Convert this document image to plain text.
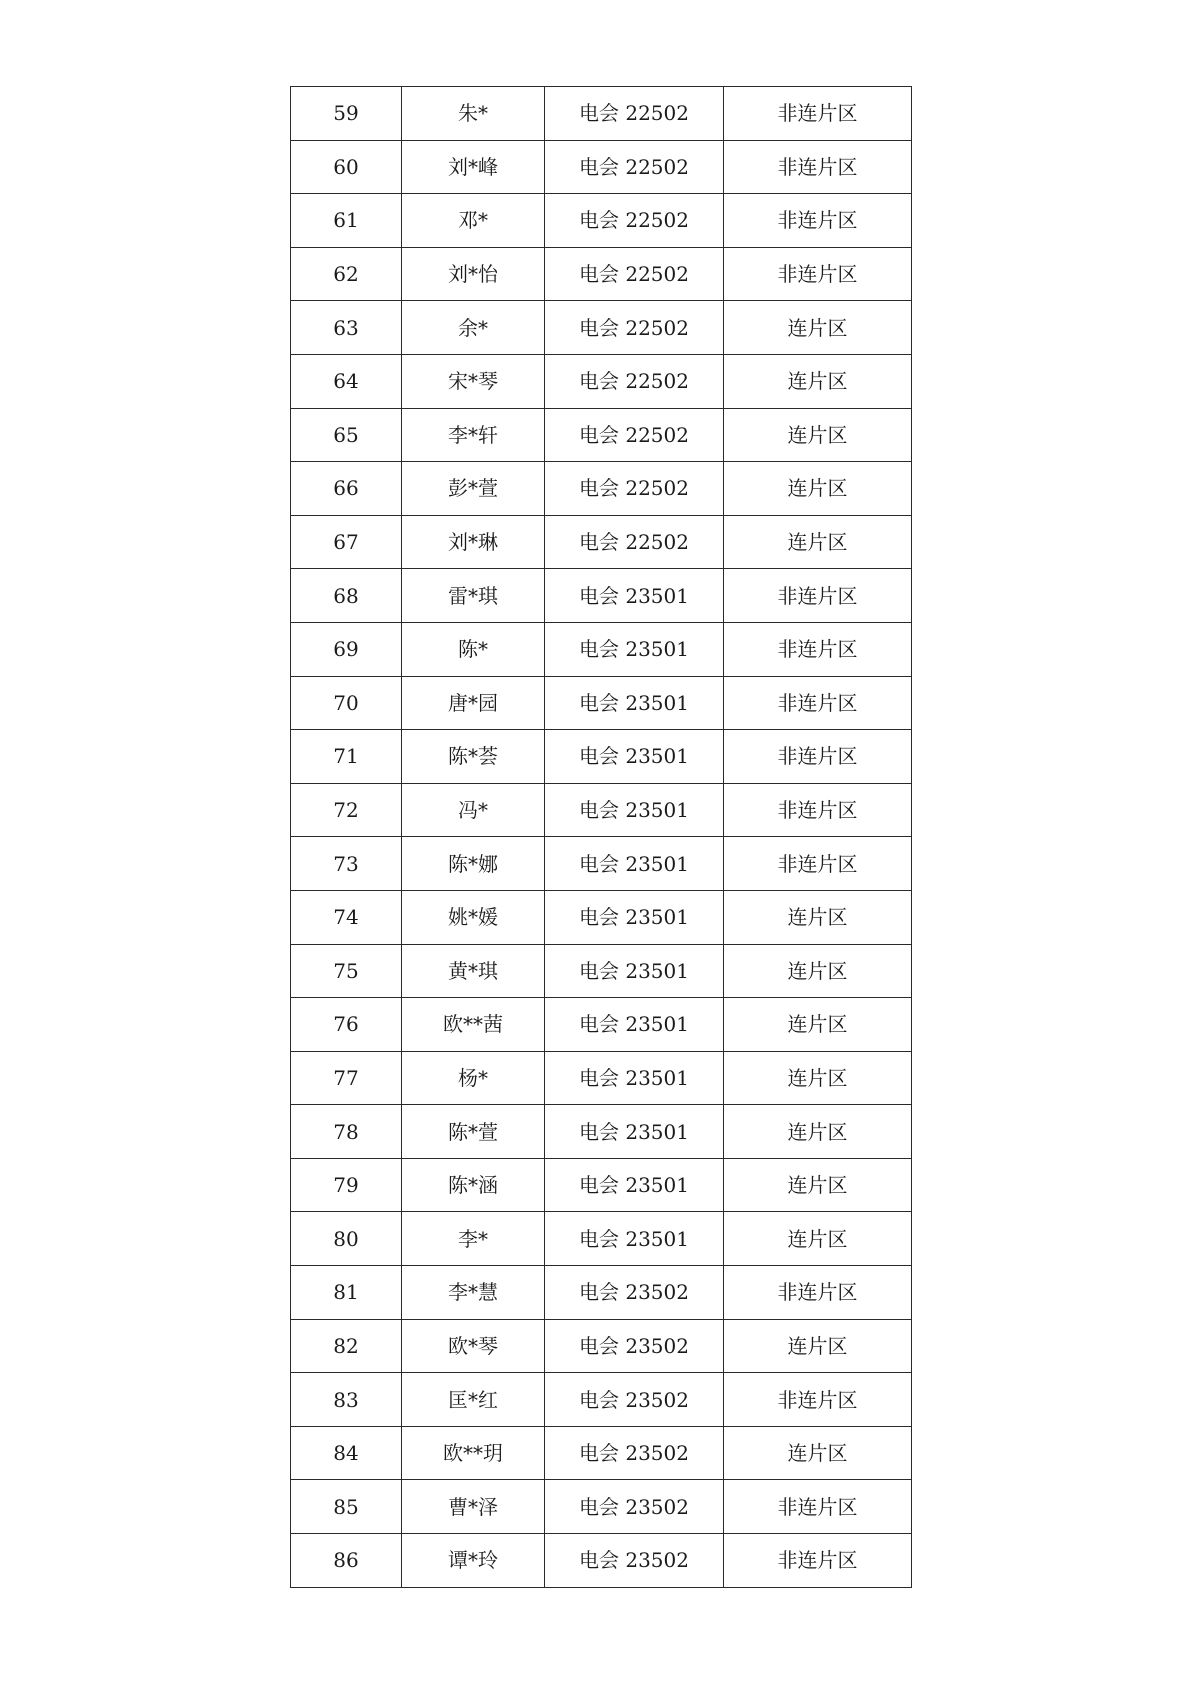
59	朱*	电会 22502	非连片区
60	刘*峰	电会 22502	非连片区
61	邓*	电会 22502	非连片区
62	刘*怡	电会 22502	非连片区
63	余*	电会 22502	连片区
64	宋*琴	电会 22502	连片区
65	李*轩	电会 22502	连片区
66	彭*萱	电会 22502	连片区
67	刘*琳	电会 22502	连片区
68	雷*琪	电会 23501	非连片区
69	陈*	电会 23501	非连片区
70	唐*园	电会 23501	非连片区
71	陈*荟	电会 23501	非连片区
72	冯*	电会 23501	非连片区
73	陈*娜	电会 23501	非连片区
74	姚*媛	电会 23501	连片区
75	黄*琪	电会 23501	连片区
76	欧**茜	电会 23501	连片区
77	杨*	电会 23501	连片区
78	陈*萱	电会 23501	连片区
79	陈*涵	电会 23501	连片区
80	李*	电会 23501	连片区
81	李*慧	电会 23502	非连片区
82	欧*琴	电会 23502	连片区
83	匡*红	电会 23502	非连片区
84	欧**玥	电会 23502	连片区
85	曹*泽	电会 23502	非连片区
86	谭*玲	电会 23502	非连片区
